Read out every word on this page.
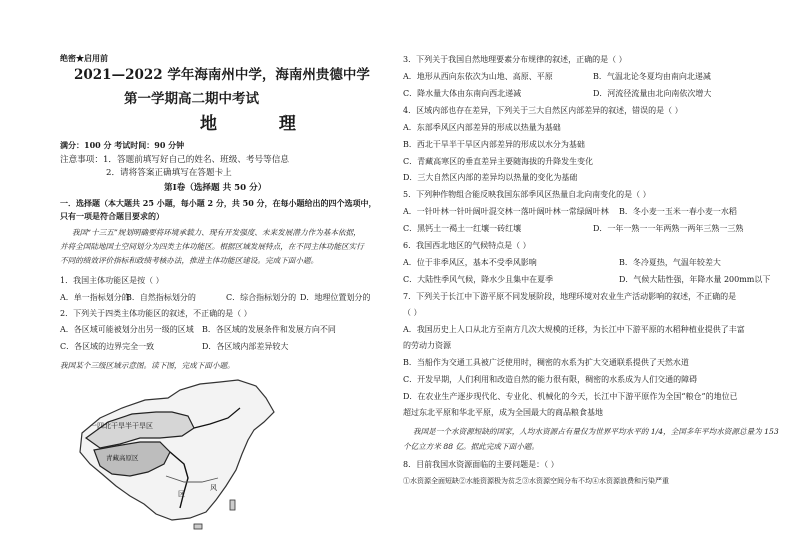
绝密★启用前
2021—2022 学年海南州中学，海南州贵德中学
第一学期高二期中考试
地 理
满分：100 分 考试时间：90 分钟
注意事项：1．答题前填写好自己的姓名、班级、考号等信息
2．请将答案正确填写在答题卡上
第Ⅰ卷（选择题 共 50 分）
一．选择题（本大题共 25 小题，每小题 2 分，共 50 分，在每小题给出的四个选项中，
只有一项是符合题目要求的）
我国“十三五”规划明确要将环境承载力、现有开发强度、未来发展潜力作为基本依据，
并将全国陆地国土空间划分为四类主体功能区。根据区域发展特点，在不同主体功能区实行
不同的绩效评价指标和政绩考核办法，推进主体功能区建设。完成下面小题。
1．我国主体功能区是按（ ）
A．单一指标划分的
B．自然指标划分的	C．综合指标划分的 D．地理位置划分的
2．下列关于四类主体功能区的叙述，不正确的是（ ）
A．各区域可能被划分出另一级的区域 B．各区域的发展条件和发展方向不同
C．各区域的边界完全一致	D．各区域内部差异较大
我国某个三级区域示意图。读下图，完成下面小题。
一四北干旱半干旱区
青藏高原区
区
风
3．下列关于我国自然地理要素分布规律的叙述，正确的是（ ）
A．地形从西向东依次为山地、高原、平原	B．气温北论冬夏均由南向北递减
C．降水量大体由东南向西北递减	D．河流径流量由北向南依次增大
4．区域内部也存在差异，下列关于三大自然区内部差异的叙述，错误的是（ ）
A．东部季风区内部差异的形成以热量为基础
B．西北干旱半干旱区内部差异的形成以水分为基础
C．青藏高寒区的垂直差异主要随海拔的升降发生变化
D．三大自然区内部的差异均以热量的变化为基础
5．下列种作物组合能反映我国东部季风区热量自北向南变化的是（ ）
A．一针叶林一针叶阔叶混交林一落叶阔叶林一常绿阔叶林 B．冬小麦一玉米一春小麦一水稻
C．黑钙土一褐土一红壤一砖红壤	D．一年一熟一一年两熟一两年三熟一三熟
6．我国西北地区的气候特点是（ ）
A．位于非季风区，基本不受季风影响	B．冬冷夏热，气温年较差大
C．大陆性季风气候，降水少且集中在夏季	D．气候大陆性强，年降水量 200mm以下
7．下列关于长江中下游平原不同发展阶段，地理环境对农业生产活动影响的叙述，不正确的是
（ ）
A．我国历史上人口从北方至南方几次大规模的迁移，为长江中下游平原的水稻种植业提供了丰富
的劳动力资源
B．当船作为交通工具被广泛使用时，稠密的水系为扩大交通联系提供了天然水道
C．开发早期，人们利用和改造自然的能力很有限，稠密的水系成为人们交通的障碍
D．在农业生产逐步现代化、专业化、机械化的今天，长江中下游平原作为全国“粮仓”的地位已
超过东北平原和华北平原，成为全国最大的商品粮食基地
我国是一个水资源短缺的国家，人均水资源占有量仅为世界平均水平的 1/4，全国多年平均水资源总量为 153
个亿立方米 88 亿。据此完成下面小题。
8．目前我国水资源面临的主要问题是：（ ）
①水资源全面短缺②水能资源极为贫乏③水资源空间分布不均④水资源浪费和污染严重
